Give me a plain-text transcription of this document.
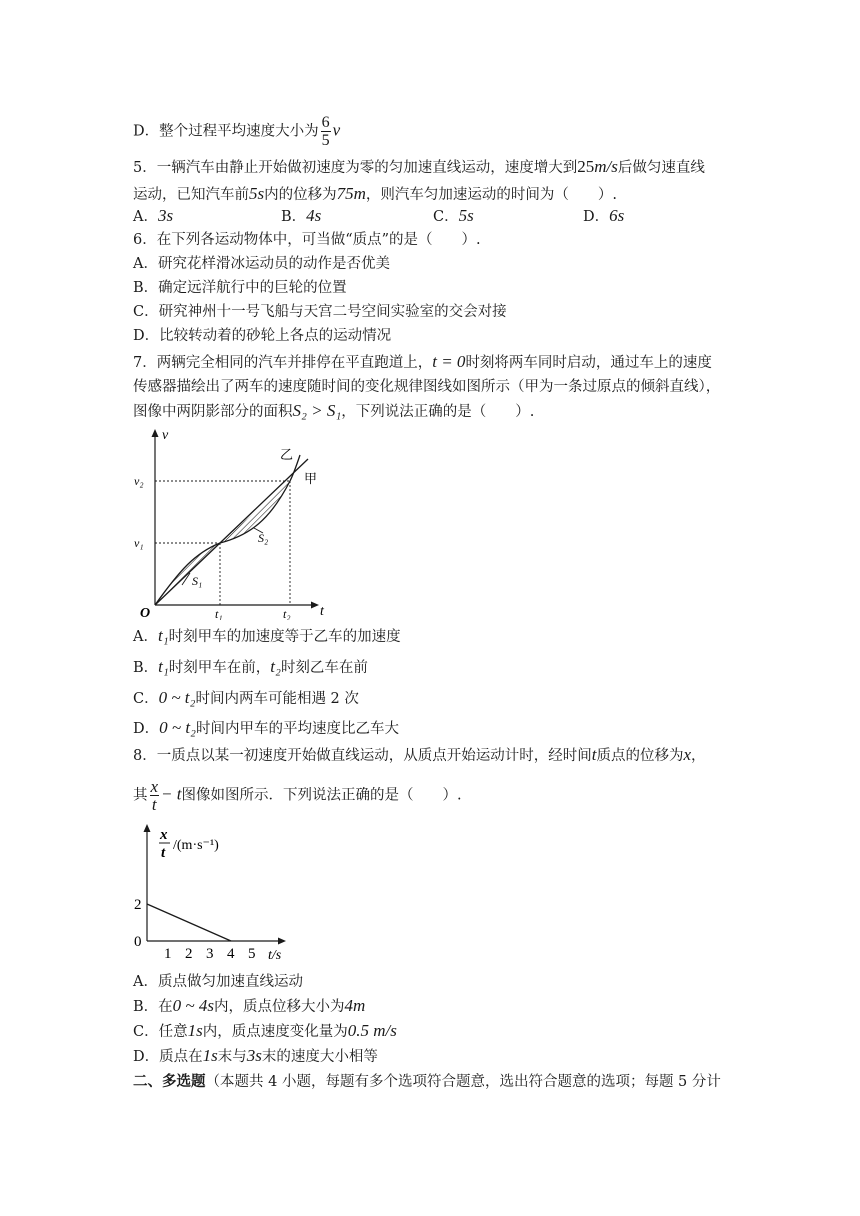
D．整个过程平均速度大小为 $\frac{6}{5}$ v
5．一辆汽车由静止开始做初速度为零的匀加速直线运动，速度增大到25m/s后做匀速直线
运动，已知汽车前5s内的位移为75m，则汽车匀加速运动的时间为（　　）.
A．3s	B．4s	C．5s	D．6s
6．在下列各运动物体中，可当做“质点”的是（　　）.
A．研究花样滑冰运动员的动作是否优美
B．确定远洋航行中的巨轮的位置
C．研究神州十一号飞船与天宫二号空间实验室的交会对接
D．比较转动着的砂轮上各点的运动情况
7．两辆完全相同的汽车并排停在平直跑道上，t = 0时刻将两车同时启动，通过车上的速度
传感器描绘出了两车的速度随时间的变化规律图线如图所示（甲为一条过原点的倾斜直线），
图像中两阴影部分的面积S₂ > S₁，下列说法正确的是（　　）.
v
t
O
v₁
v₂
t₁	t₂
S₁
S₂
甲
乙
A．t₁时刻甲车的加速度等于乙车的加速度
B．t₁时刻甲车在前，t₂时刻乙车在前
C．0 ~ t₂时间内两车可能相遇 2 次
D．0 ~ t₂时间内甲车的平均速度比乙车大
8．一质点以某一初速度开始做直线运动，从质点开始运动计时，经时间t质点的位移为x，
其 $\frac{x}{t} - t$图像如图所示．下列说法正确的是（　　）.
x
t /(m·s⁻¹)
t/s
1 2 3 4 5
0
2
A．质点做匀加速直线运动
B．在0 ~ 4s内，质点位移大小为4m
C．任意1s内，质点速度变化量为0.5 m/s
D．质点在1s末与3s末的速度大小相等
二、多选题（本题共 4 小题，每题有多个选项符合题意，选出符合题意的选项；每题 5 分计
